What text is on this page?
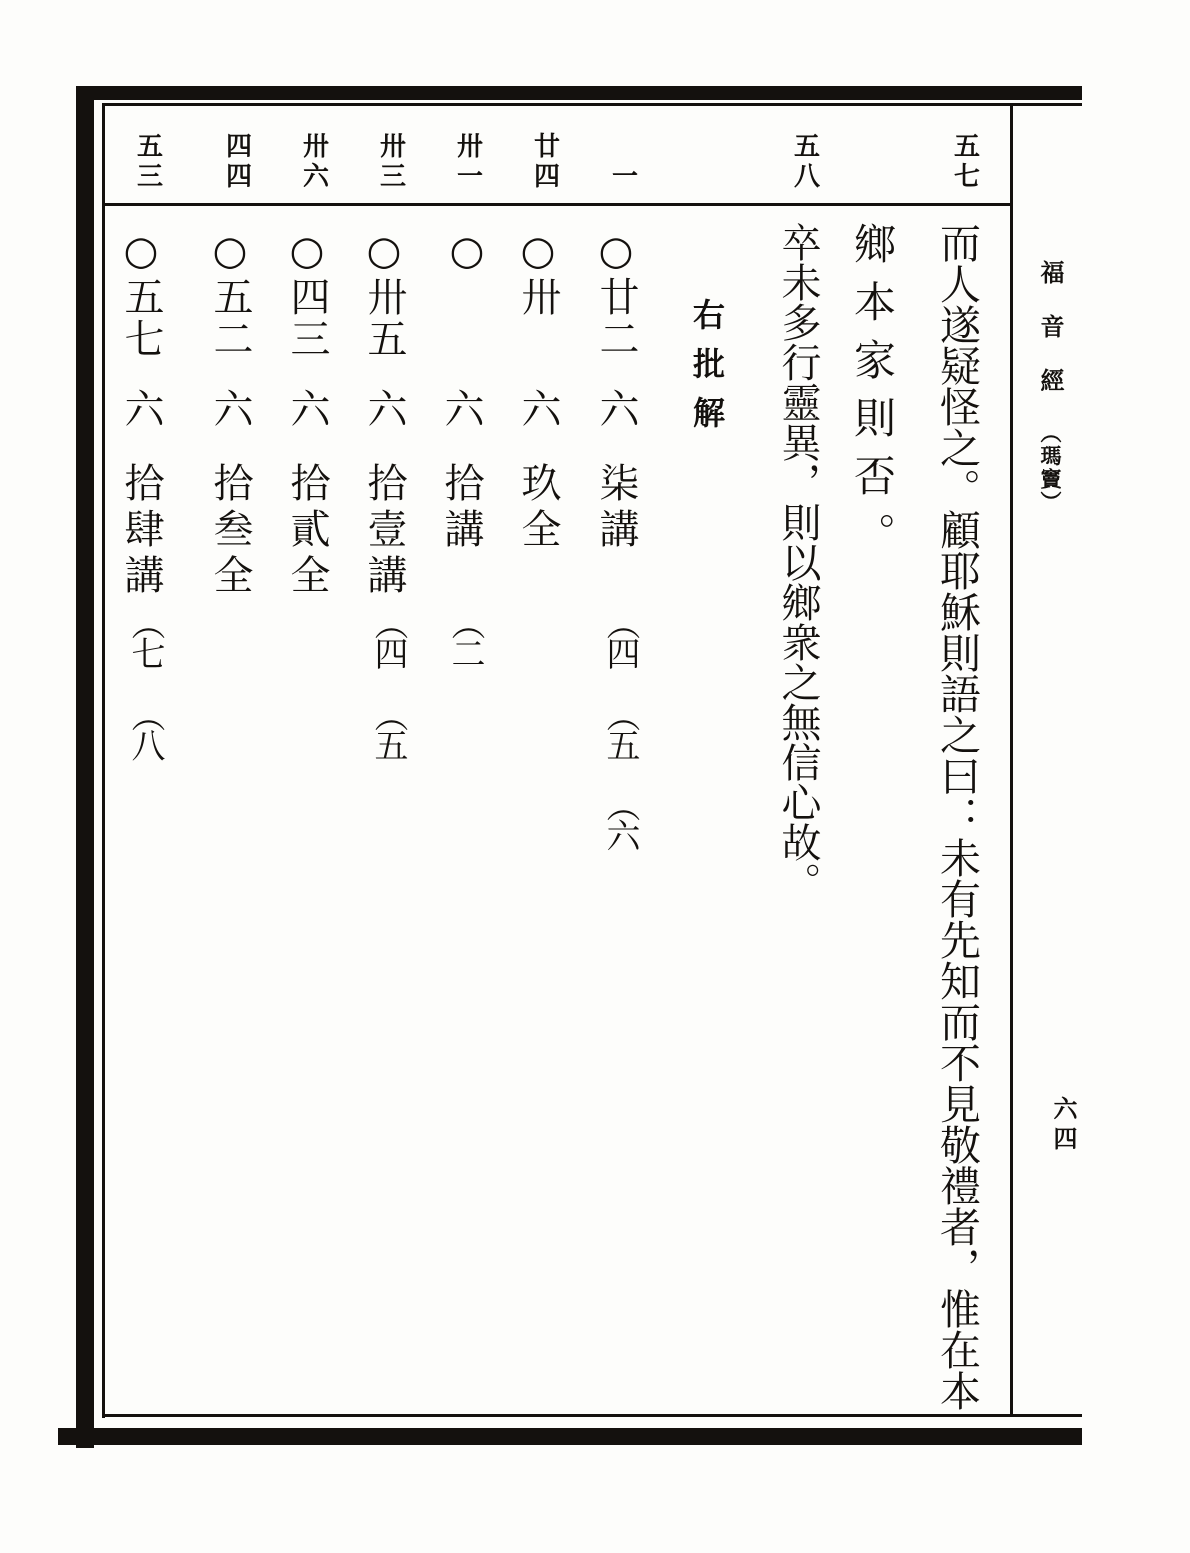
福音經（瑪竇）
六四
五七
而人遂疑怪之。顧耶穌則語之曰：未有先知而不見敬禮者，惟在本
鄉本家則否。
五八
卒未多行靈異，則以鄉衆之無信心故。
右批解
一
○廿二
六
柒講
（四
（五
（六
廿四
○卅
六
玖全
卅一
○
六
拾講
（二
卅三
○卅五
六
拾壹講
（四
（五
卅六
○四三
六
拾貳全
四四
○五二
六
拾叁全
五三
○五七
六
拾肆講
（七
（八
